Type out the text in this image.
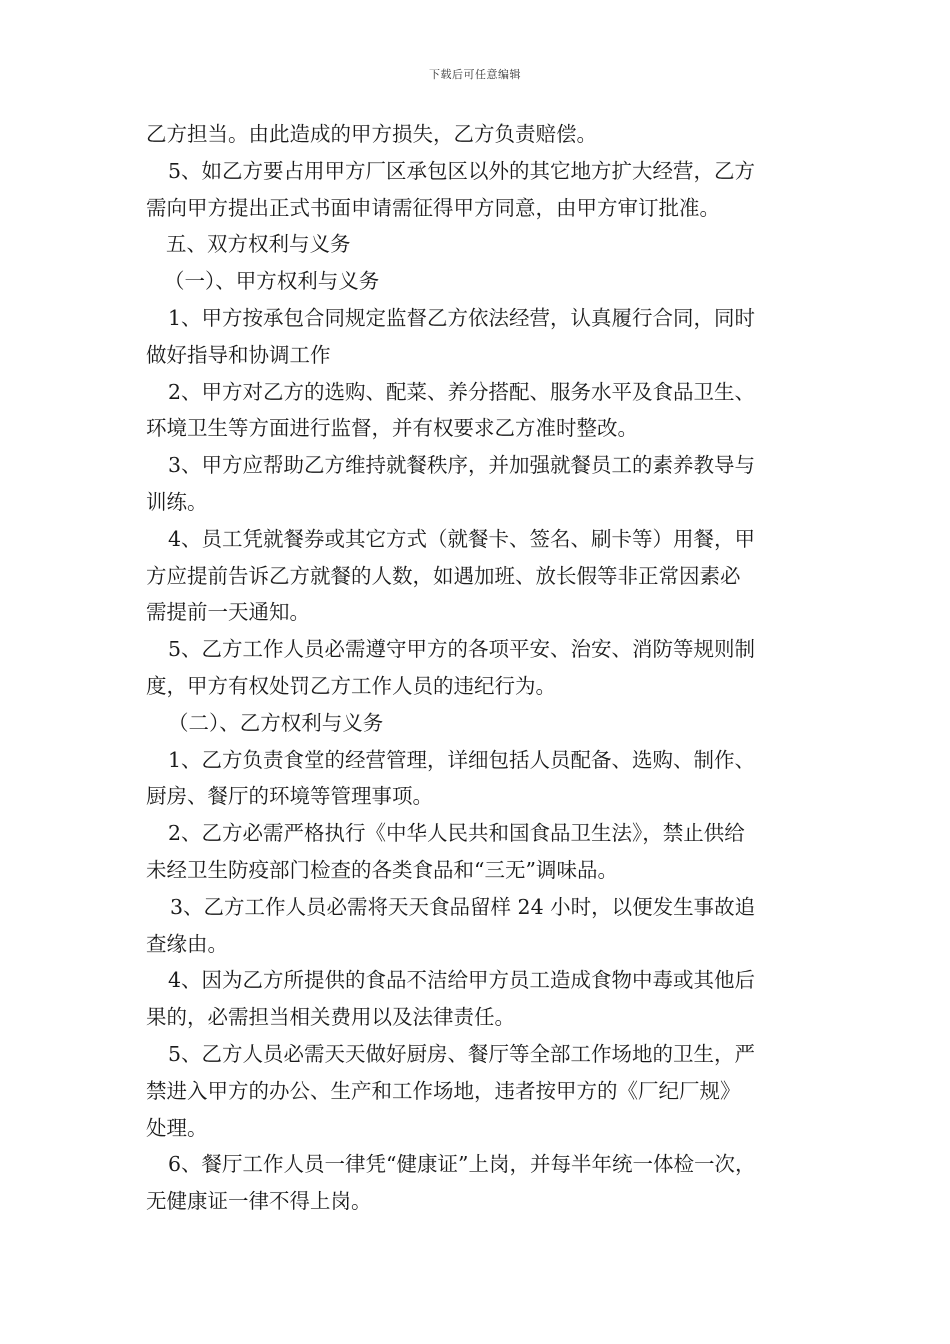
下载后可任意编辑
乙方担当。由此造成的甲方损失，乙方负责赔偿。
5、如乙方要占用甲方厂区承包区以外的其它地方扩大经营，乙方
需向甲方提出正式书面申请需征得甲方同意，由甲方审订批准。
五、双方权利与义务
（一）、甲方权利与义务
1、甲方按承包合同规定监督乙方依法经营，认真履行合同，同时
做好指导和协调工作
2、甲方对乙方的选购、配菜、养分搭配、服务水平及食品卫生、
环境卫生等方面进行监督，并有权要求乙方准时整改。
3、甲方应帮助乙方维持就餐秩序，并加强就餐员工的素养教导与
训练。
4、员工凭就餐券或其它方式（就餐卡、签名、刷卡等）用餐，甲
方应提前告诉乙方就餐的人数，如遇加班、放长假等非正常因素必
需提前一天通知。
5、乙方工作人员必需遵守甲方的各项平安、治安、消防等规则制
度，甲方有权处罚乙方工作人员的违纪行为。
（二）、乙方权利与义务
1、乙方负责食堂的经营管理，详细包括人员配备、选购、制作、
厨房、餐厅的环境等管理事项。
2、乙方必需严格执行《中华人民共和国食品卫生法》，禁止供给
未经卫生防疫部门检查的各类食品和“三无”调味品。
3、乙方工作人员必需将天天食品留样 24 小时，以便发生事故追
查缘由。
4、因为乙方所提供的食品不洁给甲方员工造成食物中毒或其他后
果的，必需担当相关费用以及法律责任。
5、乙方人员必需天天做好厨房、餐厅等全部工作场地的卫生，严
禁进入甲方的办公、生产和工作场地，违者按甲方的《厂纪厂规》
处理。
6、餐厅工作人员一律凭“健康证”上岗，并每半年统一体检一次，
无健康证一律不得上岗。
